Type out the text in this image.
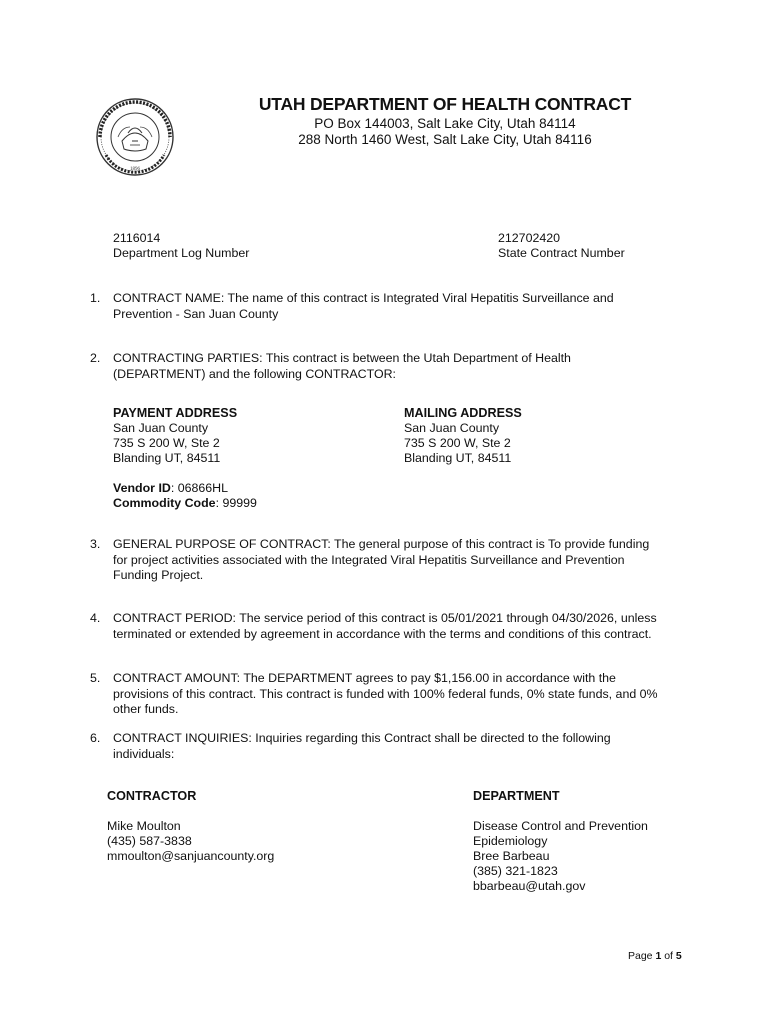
1896
UTAH DEPARTMENT OF HEALTH CONTRACT
PO Box 144003, Salt Lake City, Utah 84114
288 North 1460 West, Salt Lake City, Utah 84116
2116014
Department Log Number
212702420
State Contract Number
1. CONTRACT NAME: The name of this contract is Integrated Viral Hepatitis Surveillance and
Prevention - San Juan County
2. CONTRACTING PARTIES: This contract is between the Utah Department of Health
(DEPARTMENT) and the following CONTRACTOR:
PAYMENT ADDRESS
San Juan County
735 S 200 W, Ste 2
Blanding UT, 84511
MAILING ADDRESS
San Juan County
735 S 200 W, Ste 2
Blanding UT, 84511
Vendor ID: 06866HL
Commodity Code: 99999
3. GENERAL PURPOSE OF CONTRACT: The general purpose of this contract is To provide funding
for project activities associated with the Integrated Viral Hepatitis Surveillance and Prevention
Funding Project.
4. CONTRACT PERIOD: The service period of this contract is 05/01/2021 through 04/30/2026, unless
terminated or extended by agreement in accordance with the terms and conditions of this contract.
5. CONTRACT AMOUNT: The DEPARTMENT agrees to pay $1,156.00 in accordance with the
provisions of this contract. This contract is funded with 100% federal funds, 0% state funds, and 0%
other funds.
6. CONTRACT INQUIRIES: Inquiries regarding this Contract shall be directed to the following
individuals:
CONTRACTOR
Mike Moulton
(435) 587-3838
mmoulton@sanjuancounty.org
DEPARTMENT
Disease Control and Prevention
Epidemiology
Bree Barbeau
(385) 321-1823
bbarbeau@utah.gov
Page 1 of 5
